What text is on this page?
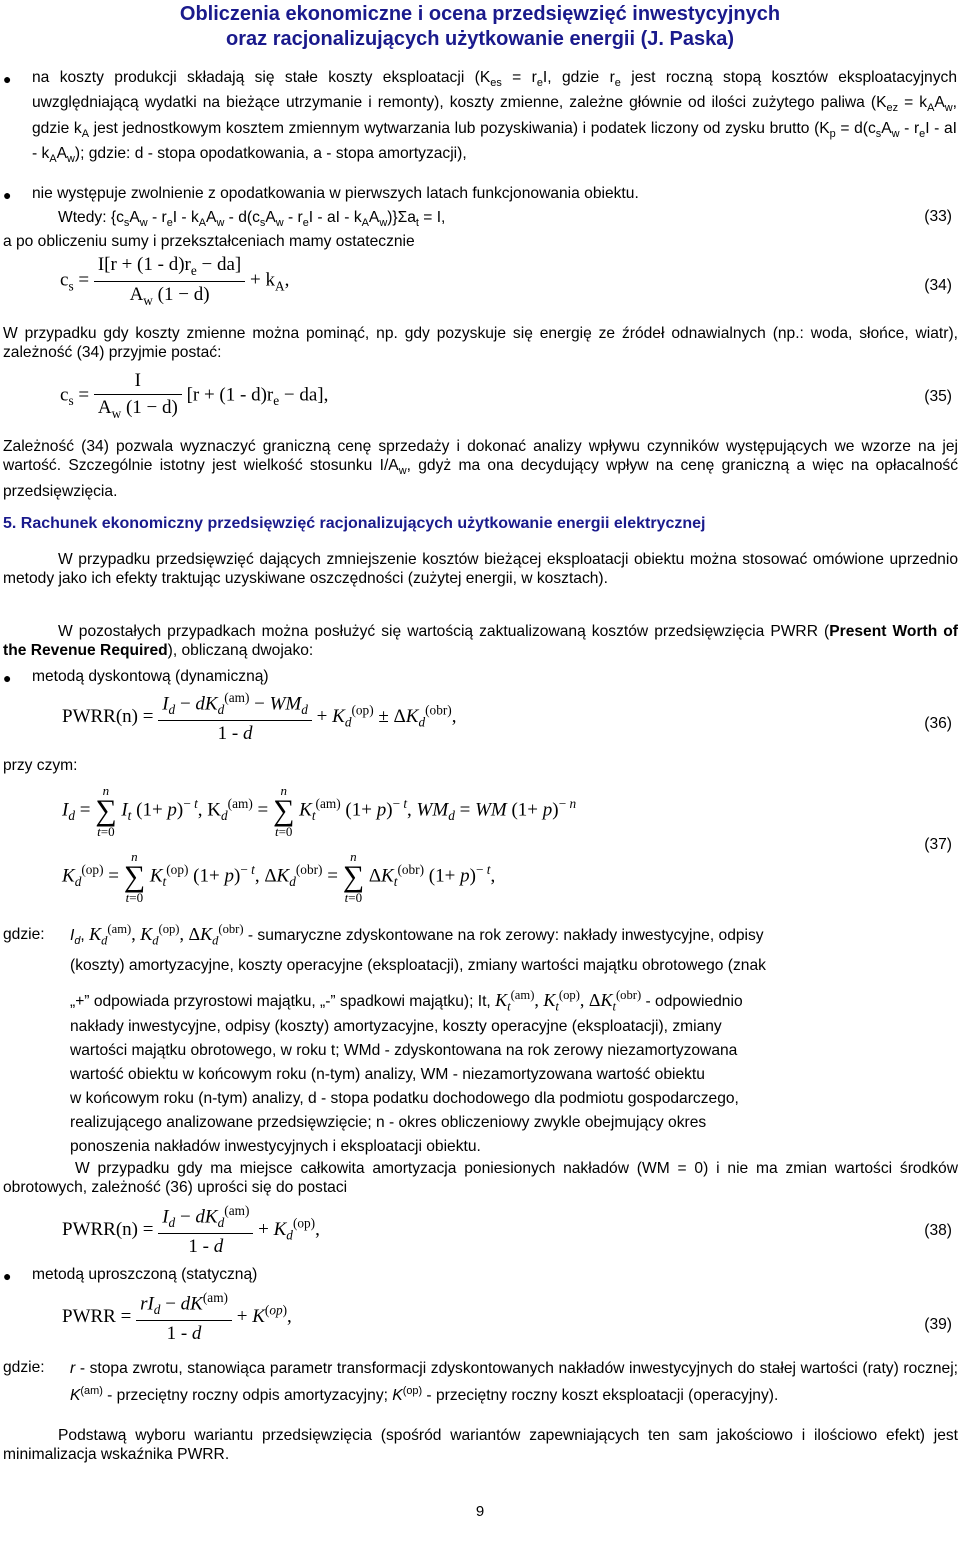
Obliczenia ekonomiczne i ocena przedsięwzięć inwestycyjnych
oraz racjonalizujących użytkowanie energii (J. Paska)
● na koszty produkcji składają się stałe koszty eksploatacji ($K_{es} = r_eI$, gdzie $r_e$ jest roczną stopą kosztów eksploatacyjnych uwzględniającą wydatki na bieżące utrzymanie i remonty), koszty zmienne, zależne głównie od ilości zużytego paliwa ($K_{ez} = k_AA_w$, gdzie $k_A$ jest jednostkowym kosztem zmiennym wytwarzania lub pozyskiwania) i podatek liczony od zysku brutto ($K_p = d(c_sA_w - r_eI$ - aI - $k_AA_w$); gdzie: d - stopa opodatkowania, a - stopa amortyzacji),
● nie występuje zwolnienie z opodatkowania w pierwszych latach funkcjonowania obiektu.
Wtedy: {$c_sA_w - r_eI - k_AA_w - d(c_sA_w - r_eI$ - aI - $k_AA_w)\}\Sigma a_t = I$,	(33)
a po obliczeniu sumy i przekształceniach mamy ostatecznie
$c_s = \frac{I[r + (1 - d)r_e - da]}{A_w (1 - d)} + k_A$,	(34)
W przypadku gdy koszty zmienne można pominąć, np. gdy pozyskuje się energię ze źródeł odnawialnych (np.: woda, słońce, wiatr), zależność (34) przyjmie postać:
$c_s = \frac{I}{A_w (1 - d)} [r + (1 - d)r_e - da]$,	(35)
Zależność (34) pozwala wyznaczyć graniczną cenę sprzedaży i dokonać analizy wpływu czynników występujących we wzorze na jej wartość. Szczególnie istotny jest wielkość stosunku $I/A_w$, gdyż ma ona decydujący wpływ na cenę graniczną a więc na opłacalność przedsięwzięcia.
5. Rachunek ekonomiczny przedsięwzięć racjonalizujących użytkowanie energii elektrycznej
W przypadku przedsięwzięć dających zmniejszenie kosztów bieżącej eksploatacji obiektu można stosować omówione uprzednio metody jako ich efekty traktując uzyskiwane oszczędności (zużytej energii, w kosztach).
W pozostałych przypadkach można posłużyć się wartością zaktualizowaną kosztów przedsięwzięcia PWRR (Present Worth of the Revenue Required), obliczaną dwojako:
● metodą dyskontową (dynamiczną)
PWRR(n) = $\frac{I_d - dK_d^{(am)} - WM_d}{1 - d} + K_d^{(op)} \pm \Delta K_d^{(obr)}$,	(36)
przy czym:
$I_d$ =
n
∑
t=0
$I_t$ $(1+ p)^{- t}$, $K_d^{(am)}$ =
n
∑
t=0
$K_t^{(am)}$ $(1+ p)^{- t}$, $WM_d$ = WM $(1+ p)^{- n}$
(37)
$K_d^{(op)}$ =
n
∑
t=0
$K_t^{(op)}$ $(1+ p)^{- t}$, $\Delta K_d^{(obr)}$ =
n
∑
t=0
$\Delta K_t^{(obr)}$ $(1+ p)^{- t}$,
gdzie: $I_d$, $K_d^{(am)}$, $K_d^{(op)}$, $\Delta K_d^{(obr)}$ - sumaryczne zdyskontowane na rok zerowy: nakłady inwestycyjne, odpisy
(koszty) amortyzacyjne, koszty operacyjne (eksploatacji), zmiany wartości majątku obrotowego (znak
„+” odpowiada przyrostowi majątku, „-” spadkowi majątku); It, $K_t^{(am)}$, $K_t^{(op)}$, $\Delta K_t^{(obr)}$ - odpowiednio
nakłady inwestycyjne, odpisy (koszty) amortyzacyjne, koszty operacyjne (eksploatacji), zmiany
wartości majątku obrotowego, w roku t; WMd - zdyskontowana na rok zerowy niezamortyzowana
wartość obiektu w końcowym roku (n-tym) analizy, WM - niezamortyzowana wartość obiektu
w końcowym roku (n-tym) analizy, d - stopa podatku dochodowego dla podmiotu gospodarczego,
realizującego analizowane przedsięwzięcie; n - okres obliczeniowy zwykle obejmujący okres
ponoszenia nakładów inwestycyjnych i eksploatacji obiektu.
W przypadku gdy ma miejsce całkowita amortyzacja poniesionych nakładów (WM = 0) i nie ma zmian wartości środków obrotowych, zależność (36) uprości się do postaci
PWRR(n) = $\frac{I_d - dK_d^{(am)}}{1 - d} + K_d^{(op)}$,	(38)
● metodą uproszczoną (statyczną)
PWRR = $\frac{rI_d - dK^{(am)}}{1 - d} + K^{(op)}$,	(39)
gdzie: r - stopa zwrotu, stanowiąca parametr transformacji zdyskontowanych nakładów inwestycyjnych do stałej wartości (raty) rocznej; $K^{(am)}$ - przeciętny roczny odpis amortyzacyjny; $K^{(op)}$ - przeciętny roczny koszt eksploatacji (operacyjny).
Podstawą wyboru wariantu przedsięwzięcia (spośród wariantów zapewniających ten sam jakościowo i ilościowo efekt) jest minimalizacja wskaźnika PWRR.
9
